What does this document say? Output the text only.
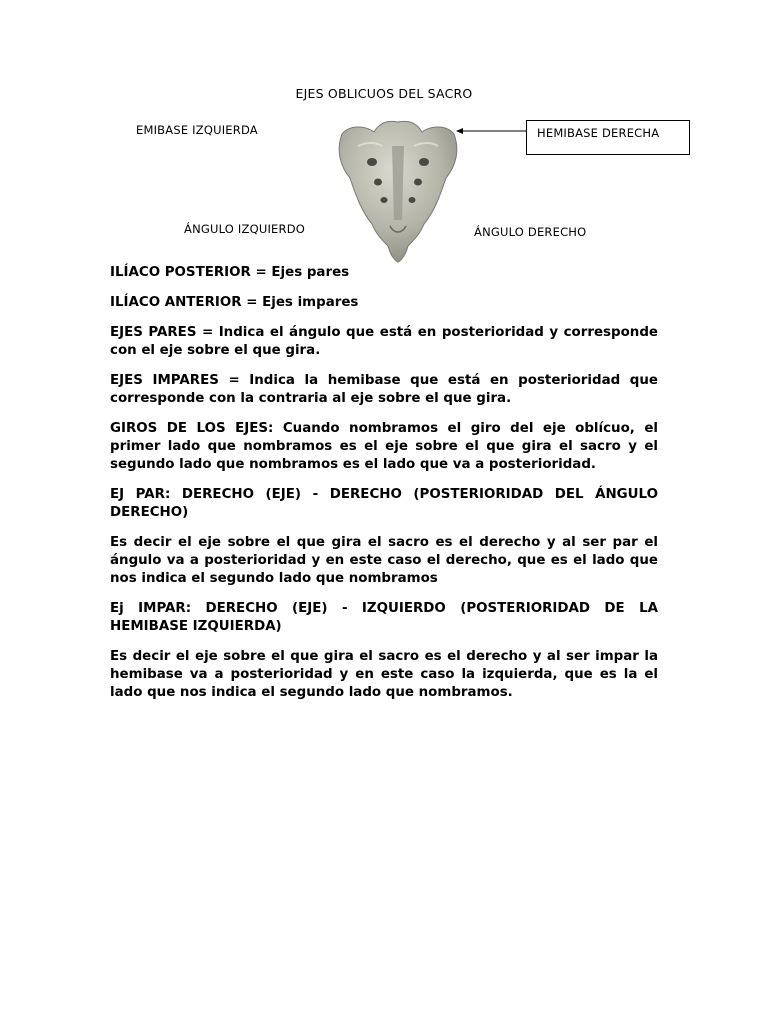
EJES OBLICUOS DEL SACRO
EMIBASE IZQUIERDA	HEMIBASE DERECHA
ÁNGULO IZQUIERDO	ÁNGULO DERECHO

ILÍACO POSTERIOR = Ejes pares

ILÍACO ANTERIOR = Ejes impares

EJES PARES = Indica el ángulo que está en posterioridad y corresponde con el eje sobre el que gira.

EJES IMPARES = Indica la hemibase que está en posterioridad que corresponde con la contraria al eje sobre el que gira.

GIROS DE LOS EJES: Cuando nombramos el giro del eje oblícuo, el primer lado que nombramos es el eje sobre el que gira el sacro y el segundo lado que nombramos es el lado que va a posterioridad.

EJ PAR: DERECHO (EJE) - DERECHO (POSTERIORIDAD DEL ÁNGULO DERECHO)

Es decir el eje sobre el que gira el sacro es el derecho y al ser par el ángulo va a posterioridad y en este caso el derecho, que es el lado que nos indica el segundo lado que nombramos

Ej IMPAR: DERECHO (EJE) - IZQUIERDO (POSTERIORIDAD DE LA HEMIBASE IZQUIERDA)

Es decir el eje sobre el que gira el sacro es el derecho y al ser impar la hemibase va a posterioridad y en este caso la izquierda, que es la el lado que nos indica el segundo lado que nombramos.
